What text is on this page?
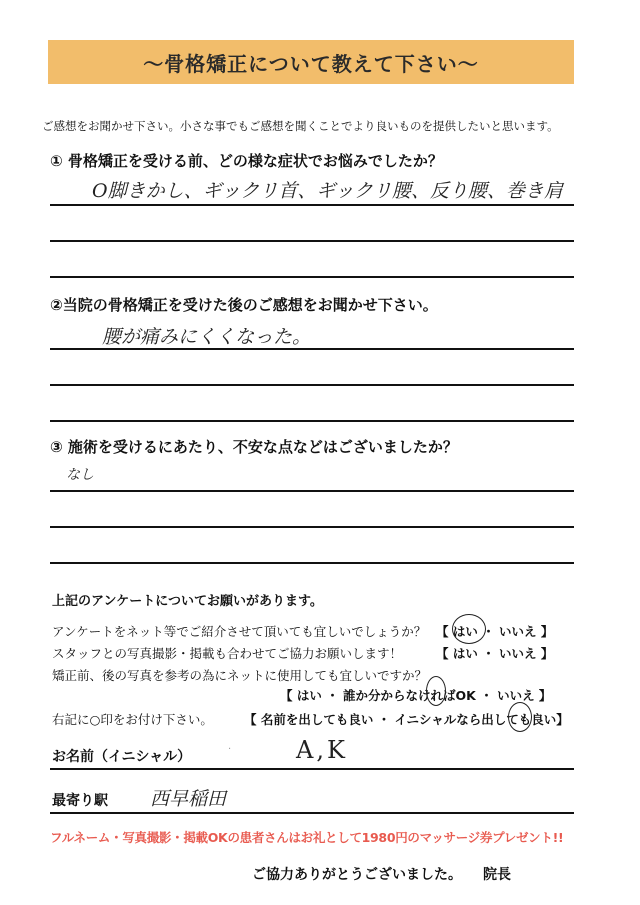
～骨格矯正について教えて下さい～
ご感想をお聞かせ下さい。小さな事でもご感想を聞くことでより良いものを提供したいと思います。
① 骨格矯正を受ける前、どの様な症状でお悩みでしたか？
O脚きかし、ギックリ首、ギックリ腰、反り腰、巻き肩
②当院の骨格矯正を受けた後のご感想をお聞かせ下さい。
腰が痛みにくくなった。
③ 施術を受けるにあたり、不安な点などはございましたか？
なし
上記のアンケートについてお願いがあります。
アンケートをネット等でご紹介させて頂いても宜しいでしょうか？ 【 はい ・ いいえ 】
スタッフとの写真撮影・掲載も合わせてご協力お願いします！	【 はい ・ いいえ 】
矯正前、後の写真を参考の為にネットに使用しても宜しいですか？
【 はい ・ 誰か分からなければOK ・ いいえ 】
右記に○印をお付け下さい。 【 名前を出しても良い ・ イニシャルなら出しても良い】
お名前（イニシャル）	·	A,K
最寄り駅 西早稲田
フルネーム・写真撮影・掲載OKの患者さんはお礼として1980円のマッサージ券プレゼント!!
ご協力ありがとうございました。　　院長
